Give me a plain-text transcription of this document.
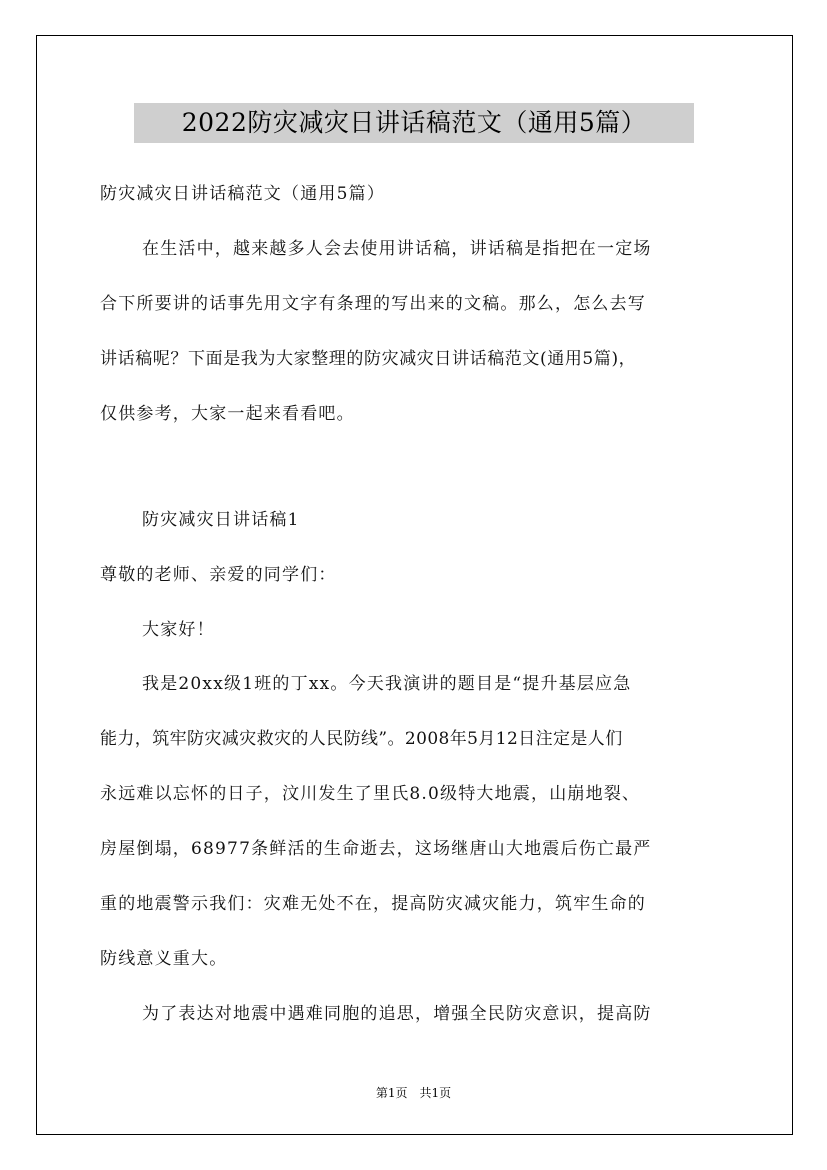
2022防灾减灾日讲话稿范文（通用5篇）
防灾减灾日讲话稿范文（通用5篇）
在生活中，越来越多人会去使用讲话稿，讲话稿是指把在一定场
合下所要讲的话事先用文字有条理的写出来的文稿。那么，怎么去写
讲话稿呢？下面是我为大家整理的防灾减灾日讲话稿范文(通用5篇)，
仅供参考，大家一起来看看吧。
防灾减灾日讲话稿1
尊敬的老师、亲爱的同学们：
大家好！
我是20xx级1班的丁xx。今天我演讲的题目是“提升基层应急
能力，筑牢防灾减灾救灾的人民防线”。2008年5月12日注定是人们
永远难以忘怀的日子，汶川发生了里氏8.0级特大地震，山崩地裂、
房屋倒塌，68977条鲜活的生命逝去，这场继唐山大地震后伤亡最严
重的地震警示我们：灾难无处不在，提高防灾减灾能力，筑牢生命的
防线意义重大。
为了表达对地震中遇难同胞的追思，增强全民防灾意识，提高防
第1页　共1页
